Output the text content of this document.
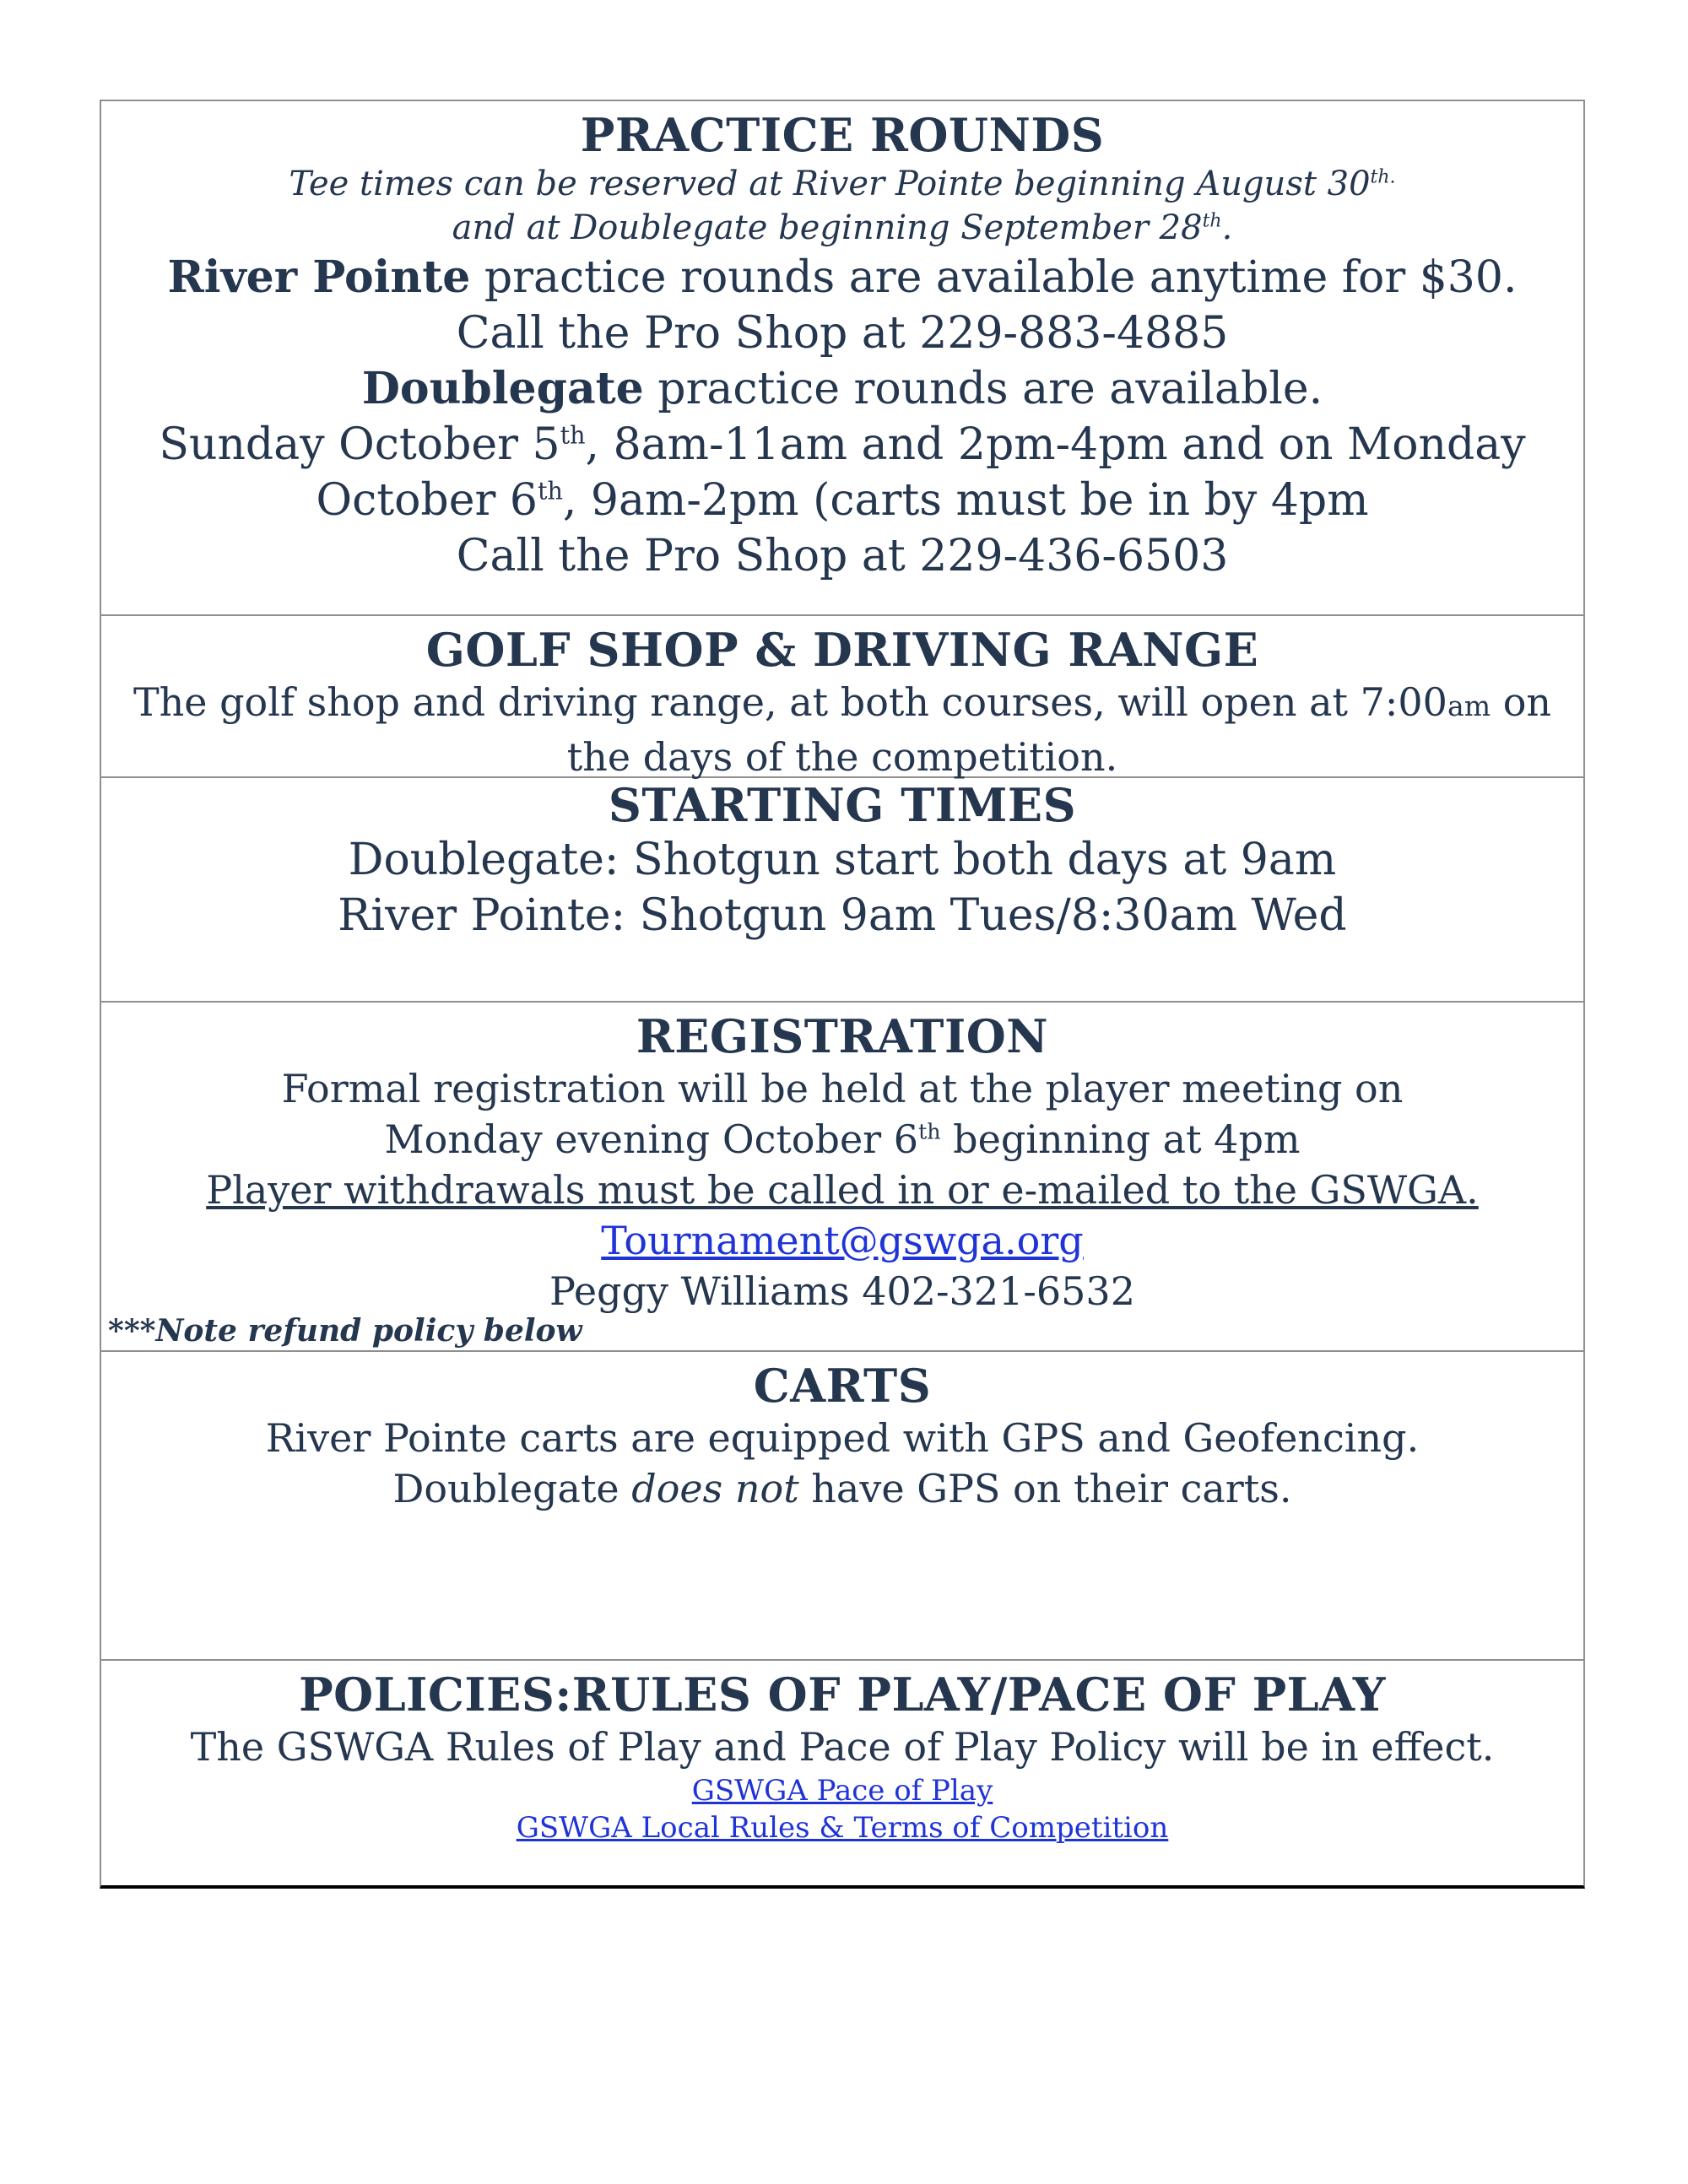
PRACTICE ROUNDS
Tee times can be reserved at River Pointe beginning August $30^{th.}$
and at Doublegate beginning September 28th.
River Pointe practice rounds are available anytime for $30.
Call the Pro Shop at 229-883-4885
Doublegate practice rounds are available.
Sunday October 5th, 8am-11am and 2pm-4pm and on Monday
October 6th, 9am-2pm (carts must be in by 4pm
Call the Pro Shop at 229-436-6503
GOLF SHOP & DRIVING RANGE
The golf shop and driving range, at both courses, will open at 7:00am on
the days of the competition.
STARTING TIMES
Doublegate: Shotgun start both days at 9am
River Pointe: Shotgun 9am Tues/8:30am Wed
REGISTRATION
Formal registration will be held at the player meeting on
Monday evening October 6th beginning at 4pm
Player withdrawals must be called in or e-mailed to the GSWGA.
Tournament@gswga.org
Peggy Williams 402-321-6532
***Note refund policy below
CARTS
River Pointe carts are equipped with GPS and Geofencing.
Doublegate does not have GPS on their carts.
POLICIES:RULES OF PLAY/PACE OF PLAY
The GSWGA Rules of Play and Pace of Play Policy will be in effect.
GSWGA Pace of Play
GSWGA Local Rules & Terms of Competition
